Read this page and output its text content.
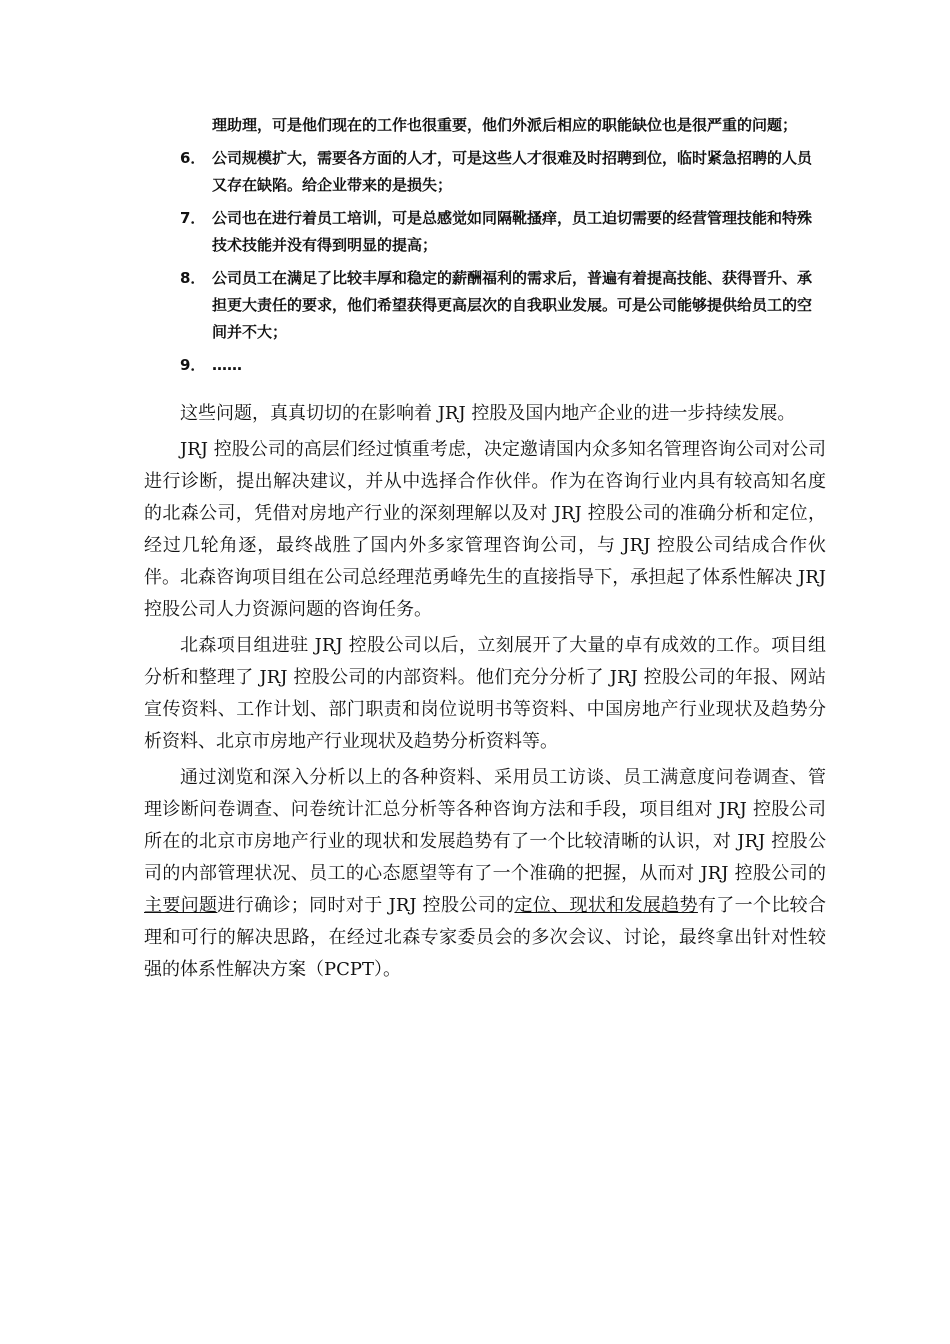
理助理，可是他们现在的工作也很重要，他们外派后相应的职能缺位也是很严重的问题；
6． 公司规模扩大，需要各方面的人才，可是这些人才很难及时招聘到位，临时紧急招聘的人员又存在缺陷。给企业带来的是损失；
7． 公司也在进行着员工培训，可是总感觉如同隔靴搔痒，员工迫切需要的经营管理技能和特殊技术技能并没有得到明显的提高；
8． 公司员工在满足了比较丰厚和稳定的薪酬福利的需求后，普遍有着提高技能、获得晋升、承担更大责任的要求，他们希望获得更高层次的自我职业发展。可是公司能够提供给员工的空间并不大；
9． ……

这些问题，真真切切的在影响着 JRJ 控股及国内地产企业的进一步持续发展。

JRJ 控股公司的高层们经过慎重考虑，决定邀请国内众多知名管理咨询公司对公司进行诊断，提出解决建议，并从中选择合作伙伴。作为在咨询行业内具有较高知名度的北森公司，凭借对房地产行业的深刻理解以及对 JRJ 控股公司的准确分析和定位，经过几轮角逐，最终战胜了国内外多家管理咨询公司，与 JRJ 控股公司结成合作伙伴。北森咨询项目组在公司总经理范勇峰先生的直接指导下，承担起了体系性解决 JRJ 控股公司人力资源问题的咨询任务。

北森项目组进驻 JRJ 控股公司以后，立刻展开了大量的卓有成效的工作。项目组分析和整理了 JRJ 控股公司的内部资料。他们充分分析了 JRJ 控股公司的年报、网站宣传资料、工作计划、部门职责和岗位说明书等资料、中国房地产行业现状及趋势分析资料、北京市房地产行业现状及趋势分析资料等。

通过浏览和深入分析以上的各种资料、采用员工访谈、员工满意度问卷调查、管理诊断问卷调查、问卷统计汇总分析等各种咨询方法和手段，项目组对 JRJ 控股公司所在的北京市房地产行业的现状和发展趋势有了一个比较清晰的认识，对 JRJ 控股公司的内部管理状况、员工的心态愿望等有了一个准确的把握，从而对 JRJ 控股公司的主要问题进行确诊；同时对于 JRJ 控股公司的定位、现状和发展趋势有了一个比较合理和可行的解决思路，在经过北森专家委员会的多次会议、讨论，最终拿出针对性较强的体系性解决方案（PCPT）。
